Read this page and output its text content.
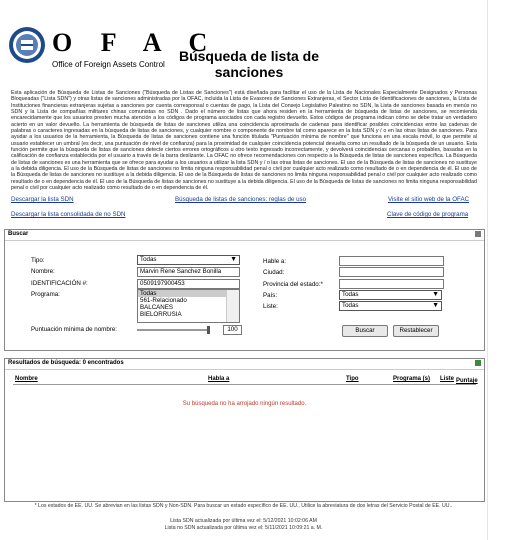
O F A C
Office of Foreign Assets Control
Búsqueda de lista de
sanciones
Esta aplicación de Búsqueda de Listas de Sanciones ("Búsqueda de Listas de Sanciones") está diseñada para facilitar el uso de la Lista de Nacionales Especialmente Designados y Personas Bloqueadas ("Lista SDN") y otras listas de sanciones administradas por la OFAC, incluida la Lista de Evasores de Sanciones Extranjeras, el Sector Lista de Identificaciones de sanciones, la Lista de Instituciones financieras extranjeras sujetas a sanciones por cuenta corresponsal o cuentas de pago, la Lista del Consejo Legislativo Palestino no SDN, la Lista de sanciones basada en menús no SDN y la Lista de compañías militares chinas comunistas no SDN . Dado el número de listas que ahora residen en la herramienta de búsqueda de listas de sanciones, se recomienda encarecidamente que los usuarios presten mucha atención a los códigos de programa asociados con cada registro devuelto. Estos códigos de programa indican cómo se debe tratar un verdadero acierto en un valor devuelto. La herramienta de búsqueda de listas de sanciones utiliza una coincidencia aproximada de cadenas para identificar posibles coincidencias entre las cadenas de palabras o caracteres ingresadas en la búsqueda de listas de sanciones, y cualquier nombre o componente de nombre tal como aparece en la lista SDN y / o en las otras listas de sanciones. Para ayudar a los usuarios de la herramienta, la Búsqueda de listas de sanciones contiene una función titulada "Puntuación mínima de nombre" que funciona en una escala móvil, lo que permite al usuario establecer un umbral (es decir, una puntuación de nivel de confianza) para la proximidad de cualquier coincidencia potencial devuelta como un resultado de la búsqueda de un usuario. Esta función permite que la búsqueda de listas de sanciones detecte ciertos errores ortográficos u otro texto ingresado incorrectamente, y devolverá coincidencias cercanas o probables, basadas en la calificación de confianza establecida por el usuario a través de la barra deslizante. La OFAC no ofrece recomendaciones con respecto a la Búsqueda de listas de sanciones específica. La Búsqueda de listas de sanciones es una herramienta que se ofrece para ayudar a los usuarios a utilizar la lista SDN y / o las otras listas de sanciones. El uso de la Búsqueda de listas de sanciones no sustituye a la debida diligencia. El uso de la Búsqueda de listas de sanciones no limita ninguna responsabilidad penal o civil por cualquier acto realizado como resultado de o en dependencia de él. El uso de la Búsqueda de listas de sanciones no sustituye a la debida diligencia. El uso de la Búsqueda de listas de sanciones no limita ninguna responsabilidad penal o civil por cualquier acto realizado como resultado de o en dependencia de él. El uso de la Búsqueda de listas de sanciones no sustituye a la debida diligencia. El uso de la Búsqueda de listas de sanciones no limita ninguna responsabilidad penal o civil por cualquier acto realizado como resultado de o en dependencia de él.
Descargar la lista SDN	Búsqueda de listas de sanciones: reglas de uso	Visite el sitio web de la OFAC
Descargar la lista consolidada de no SDN	Clave de código de programa
Buscar
Tipo:	Todas	▼
Nombre:	Marvin Rene Sanchez Bonilla
IDENTIFICACIÓN #:	0509197900453
Programa:	Todas
561-Relacionado
BALCANES
BIELORRUSIA
Hable a:
Ciudad:
Provincia del estado:*
País:	Todas	▼
Liste:	Todas	▼
Puntuación mínima de nombre:	100	Buscar	Restablecer
Resultados de búsqueda: 0 encontrados
Nombre	Habla a	Tipo	Programa (s) Liste Puntaje
Su búsqueda no ha arrojado ningún resultado.
* Los estados de EE. UU. Se abrevian en las listas SDN y Non-SDN. Para buscar un estado específico de EE. UU., Utilice la abreviatura de dos letras del Servicio Postal de EE. UU..
Lista SDN actualizada por última vez el: 5/12/2021 10:02:06 AM
Lista no SDN actualizada por última vez el: 5/11/2021 10:09:21 a. M.
